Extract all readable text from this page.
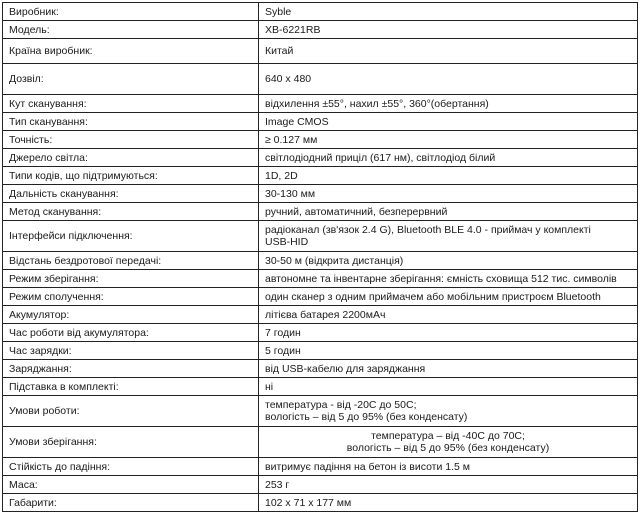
Виробник:	Syble
Модель:	XB-6221RB
Країна виробник:	Китай
Дозвіл:	640 x 480
Кут сканування:	відхилення ±55°, нахил ±55°, 360°(обертання)
Тип сканування:	Image CMOS
Точність:	≥ 0.127 мм
Джерело світла:	світлодіодний приціл (617 нм), світлодіод білий
Типи кодів, що підтримуються:	1D, 2D
Дальність сканування:	30-130 мм
Метод сканування:	ручний, автоматичний, безперервний
Інтерфейси підключення:	радіоканал (зв'язок 2.4 G), Bluetooth BLE 4.0 - приймач у комплекті
USB-HID
Відстань бездротової передачі:	30-50 м (відкрита дистанція)
Режим зберігання:	автономне та інвентарне зберігання: ємність сховища 512 тис. символів
Режим сполучення:	один сканер з одним приймачем або мобільним пристроєм Bluetooth
Акумулятор:	літієва батарея 2200мАч
Час роботи від акумулятора:	7 годин
Час зарядки:	5 годин
Заряджання:	від USB-кабелю для заряджання
Підставка в комплекті:	ні
Умови роботи:	температура - від -20С до 50С;
вологість – від 5 до 95% (без конденсату)
Умови зберігання:	температура – від -40С до 70С;
вологість – від 5 до 95% (без конденсату)
Стійкість до падіння:	витримує падіння на бетон із висоти 1.5 м
Маса:	253 г
Габарити:	102 х 71 х 177 мм
